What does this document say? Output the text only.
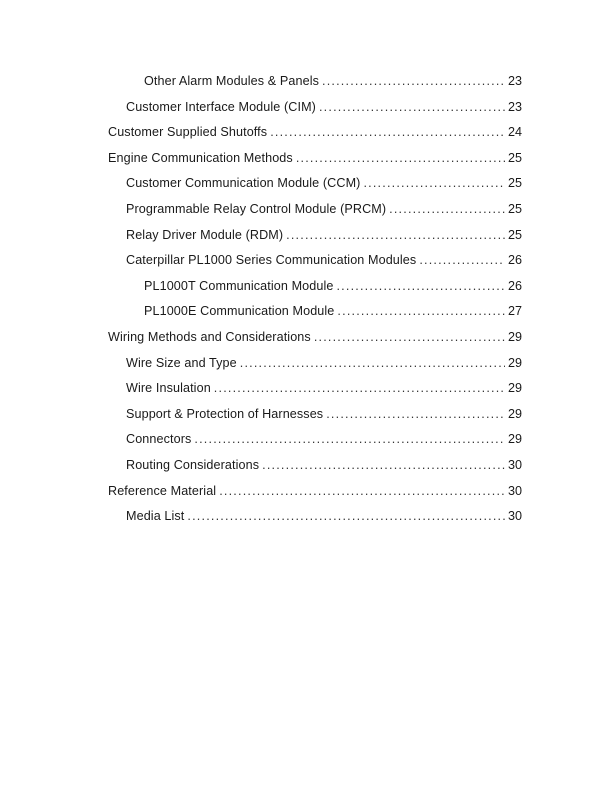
Other Alarm Modules & Panels .....	23
Customer Interface Module (CIM) .....	23
Customer Supplied Shutoffs .....	24
Engine Communication Methods .....	25
Customer Communication Module (CCM) .....	25
Programmable Relay Control Module (PRCM) .....	25
Relay Driver Module (RDM) .....	25
Caterpillar PL1000 Series Communication Modules .....	26
PL1000T Communication Module .....	26
PL1000E Communication Module .....	27
Wiring Methods and Considerations .....	29
Wire Size and Type .....	29
Wire Insulation .....	29
Support & Protection of Harnesses .....	29
Connectors .....	29
Routing Considerations .....	30
Reference Material .....	30
Media List .....	30
